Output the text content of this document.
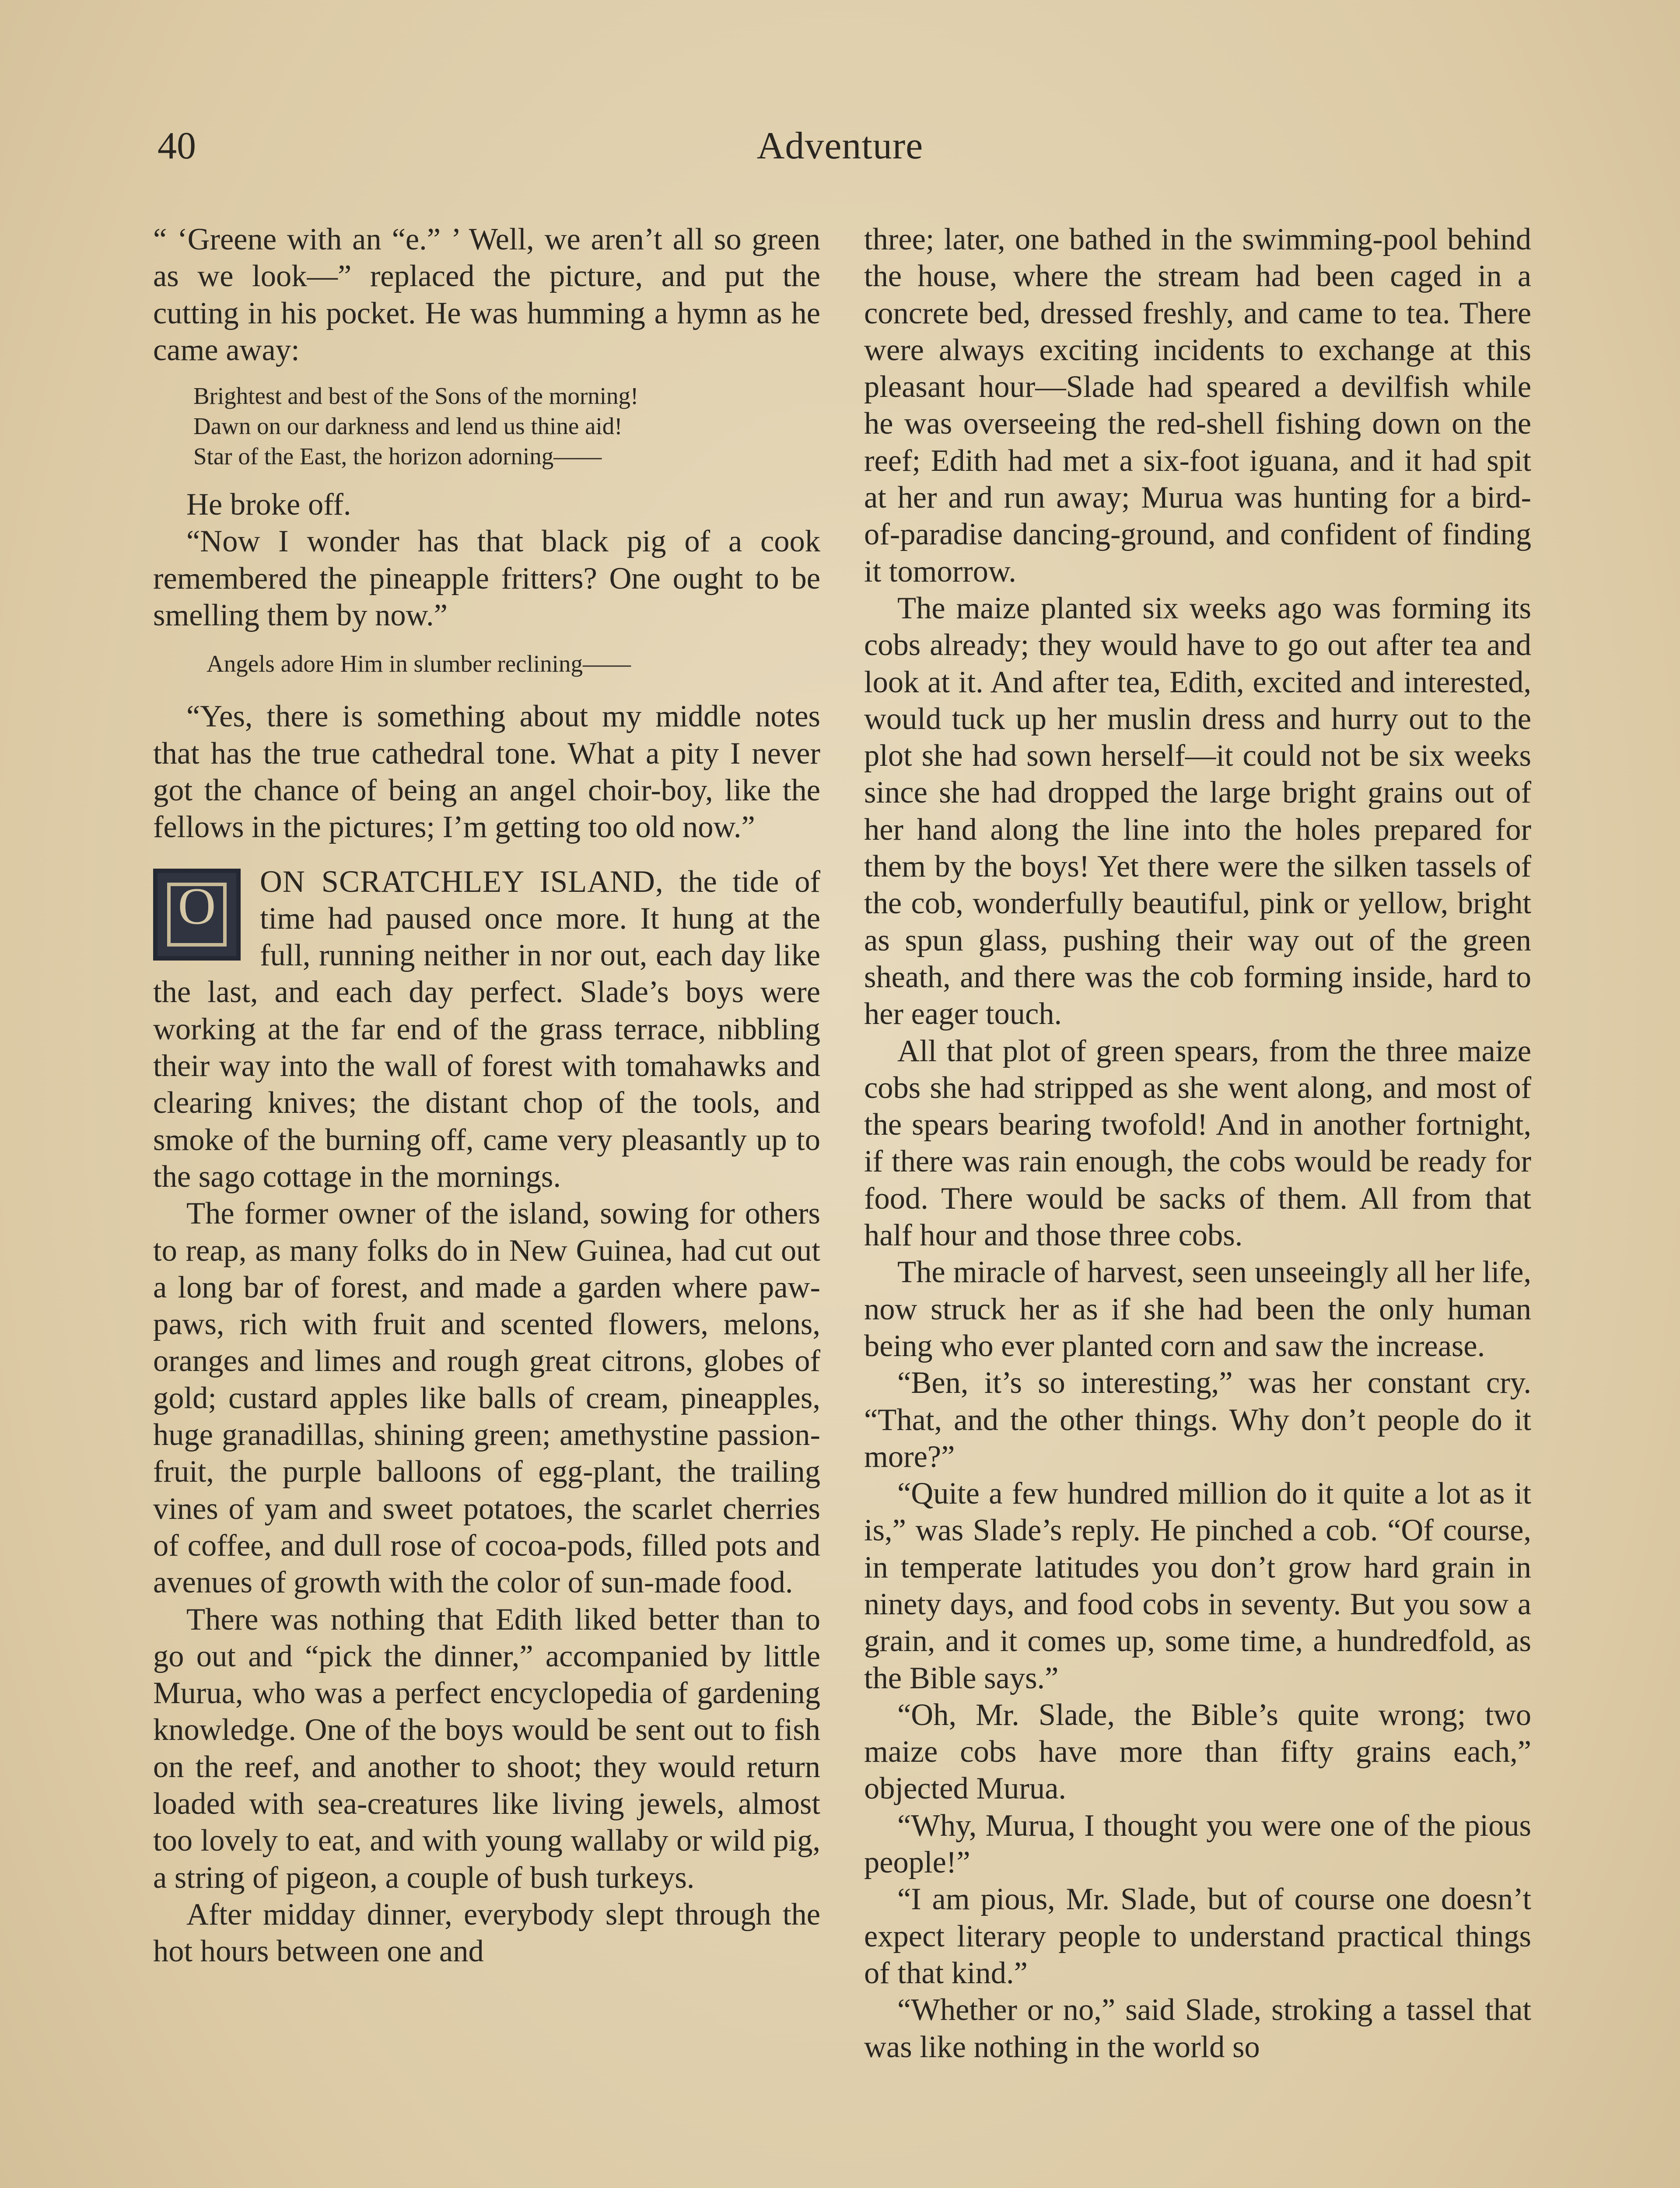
40	Adventure

“ ‘Greene with an “e.” ’ Well, we aren’t all so green as we look—” replaced the picture, and put the cutting in his pocket. He was humming a hymn as he came away:

Brightest and best of the Sons of the morning!
Dawn on our darkness and lend us thine aid!
Star of the East, the horizon adorning——

He broke off.

“Now I wonder has that black pig of a cook remembered the pineapple fritters? One ought to be smelling them by now.”

Angels adore Him in slumber reclining——

“Yes, there is something about my middle notes that has the true cathedral tone. What a pity I never got the chance of being an angel choir-boy, like the fellows in the pictures; I’m getting too old now.”

O	ON SCRATCHLEY ISLAND, the tide of time had paused once more. It hung at the full, running neither in nor out, each day like the last, and each day perfect. Slade’s boys were working at the far end of the grass terrace, nibbling their way into the wall of forest with tomahawks and clearing knives; the distant chop of the tools, and smoke of the burning off, came very pleasantly up to the sago cottage in the mornings.

The former owner of the island, sowing for others to reap, as many folks do in New Guinea, had cut out a long bar of forest, and made a garden where paw-paws, rich with fruit and scented flowers, melons, oranges and limes and rough great citrons, globes of gold; custard apples like balls of cream, pineapples, huge granadillas, shining green; amethystine passion-fruit, the purple balloons of egg-plant, the trailing vines of yam and sweet potatoes, the scarlet cherries of coffee, and dull rose of cocoa-pods, filled pots and avenues of growth with the color of sun-made food.

There was nothing that Edith liked better than to go out and “pick the dinner,” accompanied by little Murua, who was a perfect encyclopedia of gardening knowledge. One of the boys would be sent out to fish on the reef, and another to shoot; they would return loaded with sea-creatures like living jewels, almost too lovely to eat, and with young wallaby or wild pig, a string of pigeon, a couple of bush turkeys.

After midday dinner, everybody slept through the hot hours between one and

three; later, one bathed in the swimming-pool behind the house, where the stream had been caged in a concrete bed, dressed freshly, and came to tea. There were always exciting incidents to exchange at this pleasant hour—Slade had speared a devilfish while he was overseeing the red-shell fishing down on the reef; Edith had met a six-foot iguana, and it had spit at her and run away; Murua was hunting for a bird-of-paradise dancing-ground, and confident of finding it tomorrow.

The maize planted six weeks ago was forming its cobs already; they would have to go out after tea and look at it. And after tea, Edith, excited and interested, would tuck up her muslin dress and hurry out to the plot she had sown herself—it could not be six weeks since she had dropped the large bright grains out of her hand along the line into the holes prepared for them by the boys! Yet there were the silken tassels of the cob, wonderfully beautiful, pink or yellow, bright as spun glass, pushing their way out of the green sheath, and there was the cob forming inside, hard to her eager touch.

All that plot of green spears, from the three maize cobs she had stripped as she went along, and most of the spears bearing twofold! And in another fortnight, if there was rain enough, the cobs would be ready for food. There would be sacks of them. All from that half hour and those three cobs.

The miracle of harvest, seen unseeingly all her life, now struck her as if she had been the only human being who ever planted corn and saw the increase.

“Ben, it’s so interesting,” was her constant cry. “That, and the other things. Why don’t people do it more?”

“Quite a few hundred million do it quite a lot as it is,” was Slade’s reply. He pinched a cob. “Of course, in temperate latitudes you don’t grow hard grain in ninety days, and food cobs in seventy. But you sow a grain, and it comes up, some time, a hundredfold, as the Bible says.”

“Oh, Mr. Slade, the Bible’s quite wrong; two maize cobs have more than fifty grains each,” objected Murua.

“Why, Murua, I thought you were one of the pious people!”

“I am pious, Mr. Slade, but of course one doesn’t expect literary people to understand practical things of that kind.”

“Whether or no,” said Slade, stroking a tassel that was like nothing in the world so
